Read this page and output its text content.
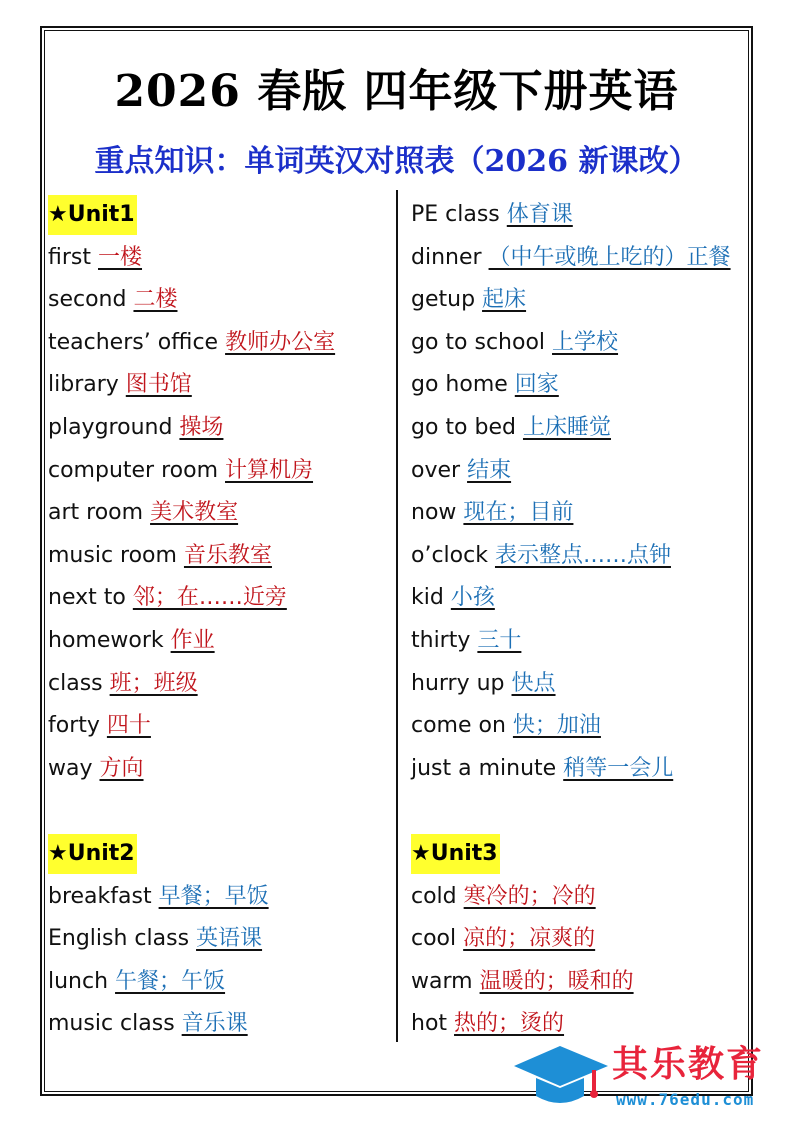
2026 春版 四年级下册英语
重点知识：单词英汉对照表（2026 新课改）
★Unit1
first 一楼
second 二楼
teachers’ office 教师办公室
library 图书馆
playground 操场
computer room 计算机房
art room 美术教室
music room 音乐教室
next to 邻；在……近旁
homework 作业
class 班；班级
forty 四十
way 方向
★Unit2
breakfast 早餐；早饭
English class 英语课
lunch 午餐；午饭
music class 音乐课
PE class 体育课
dinner （中午或晚上吃的）正餐
getup 起床
go to school 上学校
go home 回家
go to bed 上床睡觉
over 结束
now 现在；目前
o’clock 表示整点……点钟
kid 小孩
thirty 三十
hurry up 快点
come on 快；加油
just a minute 稍等一会儿
★Unit3
cold 寒冷的；冷的
cool 凉的；凉爽的
warm 温暖的；暖和的
hot 热的；烫的
其乐教育
www.76edu.com
